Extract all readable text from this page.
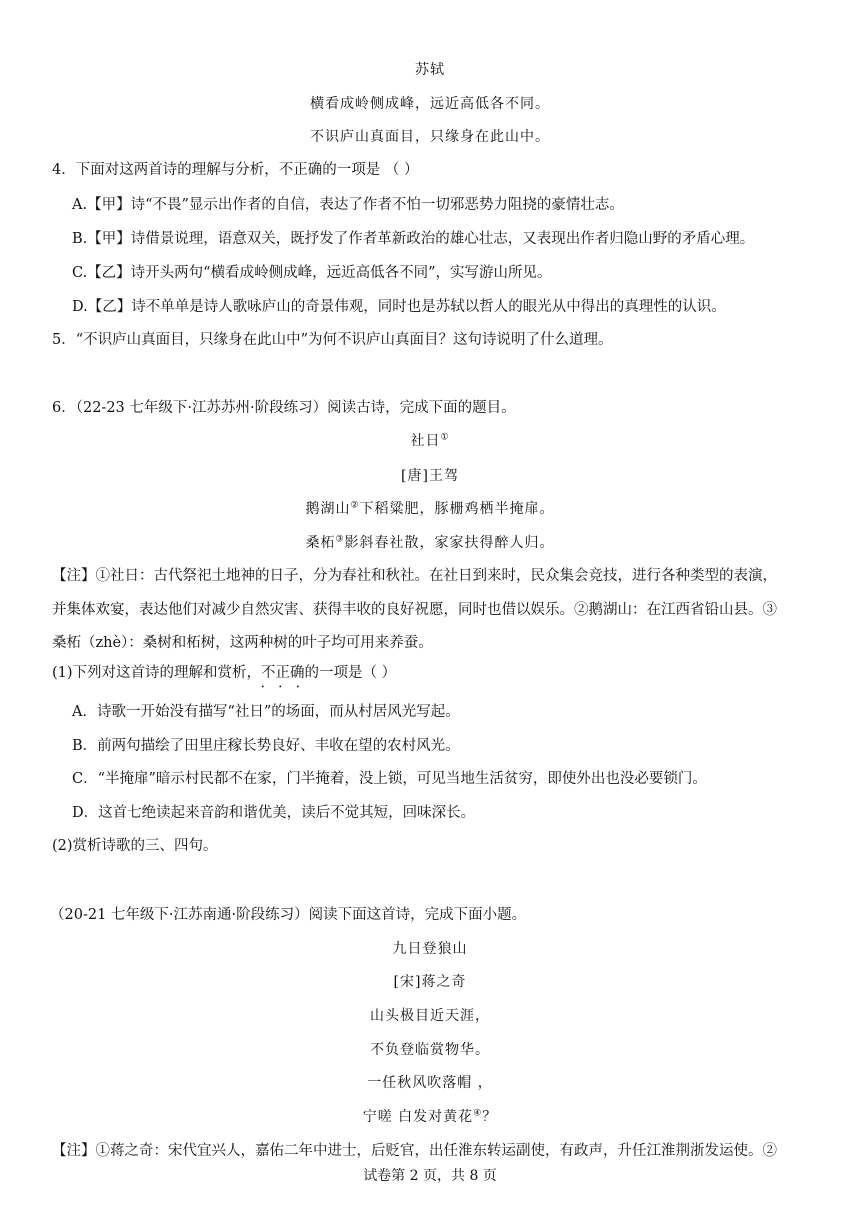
苏轼
横看成岭侧成峰，远近高低各不同。
不识庐山真面目，只缘身在此山中。
4．下面对这两首诗的理解与分析，不正确的一项是 （ ）
A.【甲】诗“不畏”显示出作者的自信，表达了作者不怕一切邪恶势力阻挠的豪情壮志。
B.【甲】诗借景说理，语意双关，既抒发了作者革新政治的雄心壮志，又表现出作者归隐山野的矛盾心理。
C.【乙】诗开头两句“横看成岭侧成峰，远近高低各不同”，实写游山所见。
D.【乙】诗不单单是诗人歌咏庐山的奇景伟观，同时也是苏轼以哲人的眼光从中得出的真理性的认识。
5．“不识庐山真面目，只缘身在此山中”为何不识庐山真面目？这句诗说明了什么道理。
6．（22-23 七年级下·江苏苏州·阶段练习）阅读古诗，完成下面的题目。
社日①
[唐]王驾
鹅湖山②下稻粱肥，豚栅鸡栖半掩扉。
桑柘③影斜春社散，家家扶得醉人归。
【注】①社日：古代祭祀土地神的日子，分为春社和秋社。在社日到来时，民众集会竞技，进行各种类型的表演，
并集体欢宴，表达他们对减少自然灾害、获得丰收的良好祝愿，同时也借以娱乐。②鹅湖山：在江西省铅山县。③
桑柘（zhè）：桑树和柘树，这两种树的叶子均可用来养蚕。
(1)下列对这首诗的理解和赏析，不正确 • • •的一项是（ ）
A．诗歌一开始没有描写“社日”的场面，而从村居风光写起。
B．前两句描绘了田里庄稼长势良好、丰收在望的农村风光。
C．“半掩扉”暗示村民都不在家，门半掩着，没上锁，可见当地生活贫穷，即使外出也没必要锁门。
D．这首七绝读起来音韵和谐优美，读后不觉其短，回味深长。
(2)赏析诗歌的三、四句。
（20-21 七年级下·江苏南通·阶段练习）阅读下面这首诗，完成下面小题。
九日登狼山
[宋]蒋之奇
山头极目近天涯，
不负登临赏物华。
一任秋风吹落帽 ，
宁嗟 白发对黄花④？
【注】①蒋之奇：宋代宜兴人，嘉佑二年中进士，后贬官，出任淮东转运副使，有政声，升任江淮荆浙发运使。②
试卷第 2 页，共 8 页
